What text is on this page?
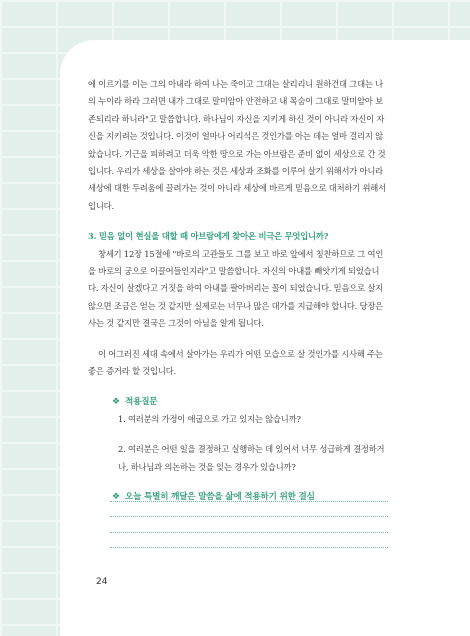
에 이르기를 이는 그의 아내라 하여 나는 죽이고 그대는 살리리니 원하건대 그대는 나의 누이라 하라 그러면 내가 그대로 말미암아 안전하고 내 목숨이 그대로 말미암아 보존되리라 하니라"고 말씀합니다. 하나님이 자신을 지키게 하신 것이 아니라 자신이 자신을 지키려는 것입니다. 이것이 얼마나 어리석은 것인가를 아는 데는 얼마 걸리지 않았습니다. 기근을 피하려고 더욱 악한 땅으로 가는 아브람은 준비 없이 세상으로 간 것입니다. 우리가 세상을 살아야 하는 것은 세상과 조화를 이루어 살기 위해서가 아니라 세상에 대한 두려움에 끌려가는 것이 아니라 세상에 바르게 믿음으로 대처하기 위해서입니다.

3. 믿음 없이 현실을 대할 때 아브람에게 찾아온 비극은 무엇입니까?

창세기 12장 15절에 "바로의 고관들도 그를 보고 바로 앞에서 칭찬하므로 그 여인을 바로의 궁으로 이끌어들인지라"고 말씀합니다. 자신의 아내를 빼앗기게 되었습니다. 자신이 살겠다고 거짓을 하여 아내를 팔아버리는 꼴이 되었습니다. 믿음으로 살지 않으면 조금은 얻는 것 같지만 실제로는 너무나 많은 대가를 지급해야 합니다. 당장은 사는 것 같지만 결국은 그것이 아님을 알게 됩니다.

이 어그러진 세대 속에서 살아가는 우리가 어떤 모습으로 살 것인가를 시사해 주는 좋은 증거라 할 것입니다.

❖ 적용질문

1. 여러분의 가정이 애굽으로 가고 있지는 않습니까?

2. 여러분은 어떤 일을 결정하고 실행하는 데 있어서 너무 성급하게 결정하거나, 하나님과 의논하는 것을 잊는 경우가 있습니까?

❖ 오늘 특별히 깨달은 말씀을 삶에 적용하기 위한 결심
24
